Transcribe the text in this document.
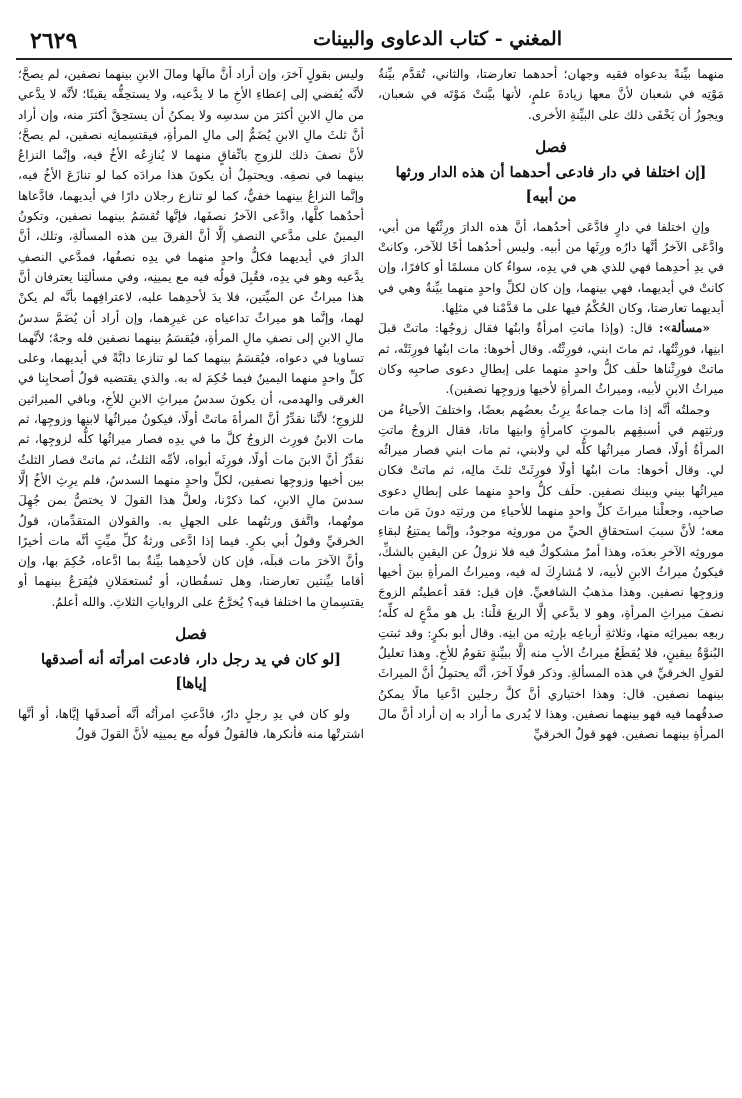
المغني - كتاب الدعاوى والبينات
٢٦٢٩

منهما بيِّنةً بدعواه فقيه وجهان؛ أحدهما تعارضتا، والثاني، تُقدَّم بيِّنةُ مَوْتِه في شعبان لأنَّ معها زيادةَ علمٍ، لأنها بيَّنتْ مَوْتَه في شعبان، ويجوزُ أن يَخْفَى ذلك على البيِّنةِ الأخرى.

فصل
[إن اختلفا في دار فادعى أحدهما أن هذه الدار ورثها من أبيه]

وإنِ اختلفا في دارٍ فادَّعَى أحدُهما، أنَّ هذه الدارَ ورِثْتُها من أبي، وادَّعَى الآخرُ أنَّها دارُه ورِثَها من أبيه. وليس أحدُهما أخًا للآخر، وكانتْ في يدِ أحدِهما فهي للذي هي في يدِه، سواءٌ كان مسلمًا أو كافرًا، وإن كانتْ في أيديهما، فهي بينهما، وإن كان لكلِّ واحدٍ منهما بيِّنةٌ وهي في أيديهما تعارضتا، وكان الحُكْمُ فيها على ما قدَّمْنا في مثلِها.

«مسألة»: قال: (وإذا ماتتِ امرأةٌ وابنُها فقال زوجُها: ماتتْ قبلَ ابنِها، فورِثْتُها، ثم ماتَ ابني، فورِثْتُه. وقال أخوها: مات ابنُها فورِثَتْه، ثم ماتتْ فورِثْناها حلَف كلُّ واحدٍ منهما على إبطالِ دعوى صاحبِه وكان ميراثُ الابنِ لأبيه، وميراثُ المرأةِ لأخيها وزوجِها نصفين).

وجملتُه أنَّه إذا مات جماعةٌ يرِثُ بعضُهم بعضًا، واختلفَ الأحياءُ من ورثتِهم في أسبقِهم بالموتِ كامرأةٍ وابنِها ماتا، فقال الزوجُ ماتتِ المرأةُ أولًا، فصار ميراثُها كلُّه لي ولابني، ثم مات ابني فصار ميراثُه لي. وقال أخوها: مات ابنُها أولًا فورِثَتْ ثلثَ مالِه، ثم ماتتْ فكان ميراثُها بيني وبينك نصفين. حلَف كلُّ واحدٍ منهما على إبطالِ دعوى صاحبِه، وجعلْنا ميراثَ كلِّ واحدٍ منهما للأحياءِ من ورثتِه دونَ مَن مات معه؛ لأنَّ سببَ استحقاقِ الحيِّ من موروثِه موجودٌ، وإنَّما يمتنِعُ لبقاءِ موروثِه الآخرِ بعدَه، وهذا أمرٌ مشكوكٌ فيه فلا نزولُ عن اليقينِ بالشكِّ، فيكونُ ميراثُ الابنِ لأبيه، لا مُشارِكَ له فيه، وميراثُ المرأةِ بينَ أخيها وزوجِها نصفين. وهذا مذهبُ الشافعيِّ. فإن قيل: فقد أعطيتُم الزوجَ نصفَ ميراثِ المرأةِ، وهو لا يدَّعي إلَّا الربعَ قلْنا: بل هو مدَّعٍ له كلِّه؛ ربعِه بميراثِه منها، وثلاثةِ أرباعِه بإرثِه من ابنِه. وقال أبو بكرٍ: وقد ثبتتِ البُنوَّةُ بيقينٍ، فلا يُقطَعُ ميراثُ الأبِ منه إلَّا ببيِّنةٍ تقومُ للأخِ. وهذا تعليلٌ لقولِ الخرقيِّ في هذه المسألةِ. وذكر قولًا آخرَ، أنَّه يحتمِلُ أنَّ الميراثَ بينهما نصفين. قال: وهذا اختياري أنَّ كلَّ رجلين ادَّعيا مالًا يمكنُ صدقُهما فيه فهو بينهما نصفين. وهذا لا يُدرى ما أراد به إن أراد أنَّ مالَ المرأةِ بينهما نصفين. فهو قولُ الخرقيِّ

وليس بقولٍ آخرَ، وإن أراد أنَّ مالَها ومالَ الابنِ بينهما نصفين، لم يصحَّ؛ لأنَّه يُفضي إلى إعطاءِ الأخِ ما لا يدَّعيه، ولا يستحِقُّه يقينًا؛ لأنَّه لا يدَّعي من مالِ الابنِ أكثرَ من سدسِه ولا يمكنُ أن يستحِقَّ أكثرَ منه، وإن أراد أنَّ ثلثَ مالِ الابنِ يُضَمُّ إلى مالِ المرأةِ، فيقتسِمانِه نصفين، لم يصحَّ؛ لأنَّ نصفَ ذلك للزوجِ باتِّفاقٍ منهما لا يُنازِعُه الأخُ فيه، وإنَّما النزاعُ بينهما في نصفِه. ويحتمِلُ أن يكونَ هذا مرادَه كما لو تنازَعَ الأخُ فيه، وإنَّما النزاعُ بينهما خفيٌّ، كما لو تنازع رجلان دارًا في أيديهما، فادَّعاها أحدُهما كلَّها، وادَّعى الآخرُ نصفَها، فإنَّها تُقسَمُ بينهما نصفين، وتكونُ اليمينُ على مدَّعي النصفِ إلَّا أنَّ الفرقَ بين هذه المسألةِ، وتلك، أنَّ الدارَ في أيديهما فكلُّ واحدٍ منهما في يدِه نصفُها، فمدَّعي النصفِ يدَّعيه وهو في يدِه، فقُبِلَ قولُه فيه مع يمينِه، وفي مسألتِنا يعترفان أنَّ هذا ميراثٌ عن الميِّتين، فلا يدَ لأحدِهما عليه، لاعترافِهما بأنَّه لم يكنْ لهما، وإنَّما هو ميراثٌ تداعياه عن غيرِهما، وإن أراد أن يُضَمَّ سدسُ مالِ الابنِ إلى نصفِ مالِ المرأةِ، فيُقسَمُ بينهما نصفين فله وجهٌ؛ لأنَّهما تساويا في دعواه، فيُقسَمُ بينهما كما لو تنازعا دابَّةً في أيديهما، وعلى كلِّ واحدٍ منهما اليمينُ فيما حُكِمَ له به. والذي يقتضيه قولُ أصحابِنا في الغرقى والهدمى، أن يكونَ سدسُ ميراثِ الابنِ للأخِ، وباقي الميراثين للزوجِ؛ لأنَّنا نقدِّرُ أنَّ المرأةَ ماتتْ أولًا، فيكونُ ميراثُها لابنِها وزوجِها، ثم مات الابنُ فورِث الزوجُ كلَّ ما في يدِه فصار ميراثُها كلُّه لزوجِها، ثم نقدِّرُ أنَّ الابنَ مات أولًا، فورِثَه أبواه، لأمِّه الثلثُ، ثم ماتتْ فصار الثلثُ بين أخيها وزوجِها نصفين، لكلِّ واحدٍ منهما السدسُ، فلم يرِثِ الأخُ إلَّا سدسَ مالِ الابنِ، كما ذكرْنا، ولعلَّ هذا القولَ لا يختصُّ بمن جُهِلَ موتُهما، واتَّفق ورثتُهما على الجهلِ به. والقولان المتقدِّمان، قولُ الخرقيِّ وقولُ أبي بكرٍ. فيما إذا ادَّعى ورثةُ كلِّ ميِّتٍ أنَّه مات أخيرًا وأنَّ الآخرَ مات قبلَه، فإن كان لأحدِهما بيِّنةٌ بما ادَّعاه، حُكِمَ بها، وإن أقاما بيِّنتين تعارضتا، وهل تسقُطان، أو تُستعمَلانِ فيُقرَعُ بينهما أو يقتسِمانِ ما اختلفا فيه؟ يُخرَّجُ على الرواياتِ الثلاثِ. والله أعلمُ.

فصل
[لو كان في يد رجل دار، فادعت امرأته أنه أصدقها إياها]

ولو كان في يدِ رجلٍ دارٌ، فادَّعتِ امرأتُه أنَّه أصدقَها إيَّاها، أو أنَّها اشترتْها منه فأنكرها، فالقولُ قولُه مع يمينِه لأنَّ القولَ قولُ
